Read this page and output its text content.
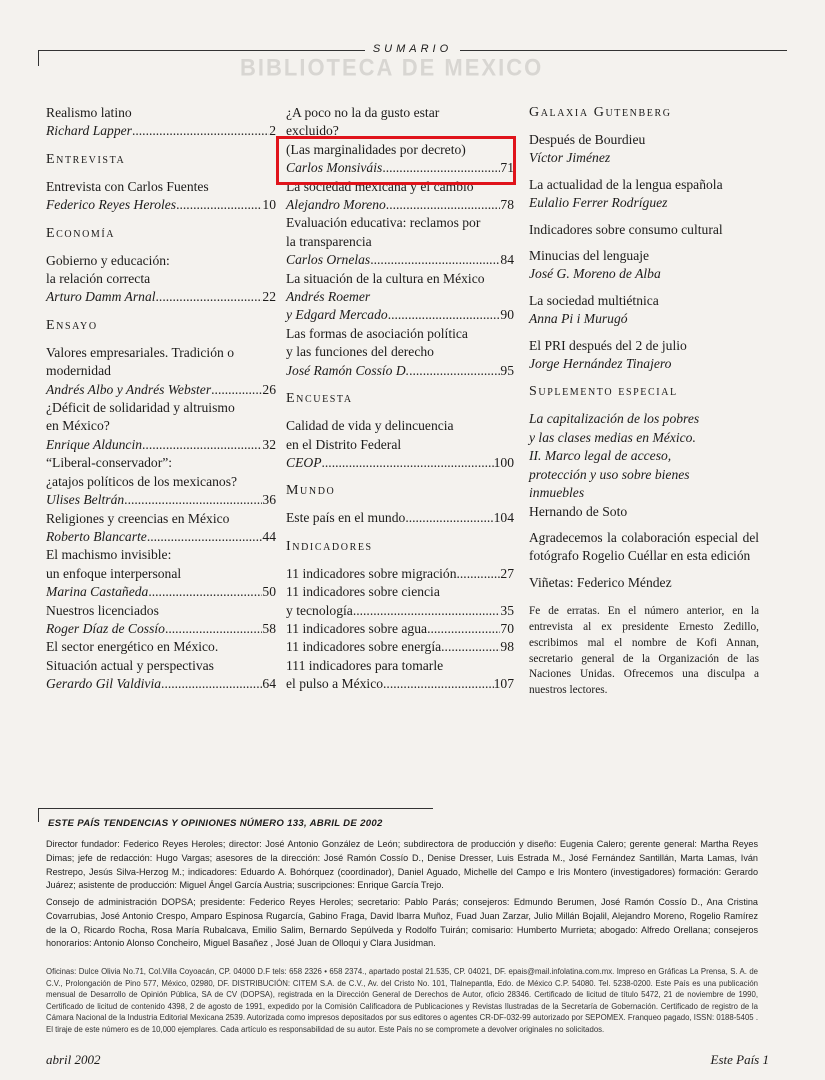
SUMARIO
BIBLIOTECA DE MEXICO
Realismo latino
Richard Lapper .....	2
Entrevista
Entrevista con Carlos Fuentes
Federico Reyes Heroles .....	10
Economía
Gobierno y educación:
la relación correcta
Arturo Damm Arnal .....	22
Ensayo
Valores empresariales. Tradición o
modernidad
Andrés Albo y Andrés Webster .....	26
¿Déficit de solidaridad y altruismo
en México?
Enrique Alduncin .....	32
“Liberal-conservador”:
¿atajos políticos de los mexicanos?
Ulises Beltrán .....	36
Religiones y creencias en México
Roberto Blancarte .....	44
El machismo invisible:
un enfoque interpersonal
Marina Castañeda .....	50
Nuestros licenciados
Roger Díaz de Cossío .....	58
El sector energético en México.
Situación actual y perspectivas
Gerardo Gil Valdivia .....	64
¿A poco no la da gusto estar
excluido?
(Las marginalidades por decreto)
Carlos Monsiváis .....	71
La sociedad mexicana y el cambio
Alejandro Moreno .....	78
Evaluación educativa: reclamos por
la transparencia
Carlos Ornelas .....	84
La situación de la cultura en México
Andrés Roemer
y Edgard Mercado .....	90
Las formas de asociación política
y las funciones del derecho
José Ramón Cossío D. .....	95
Encuesta
Calidad de vida y delincuencia
en el Distrito Federal
CEOP .....	100
Mundo
Este país en el mundo .....	104
Indicadores
11 indicadores sobre migración .....	27
11 indicadores sobre ciencia
y tecnología .....	35
11 indicadores sobre agua .....	70
11 indicadores sobre energía .....	98
111 indicadores para tomarle
el pulso a México .....	107
Galaxia Gutenberg
Después de Bourdieu
Víctor Jiménez
La actualidad de la lengua española
Eulalio Ferrer Rodríguez
Indicadores sobre consumo cultural
Minucias del lenguaje
José G. Moreno de Alba
La sociedad multiétnica
Anna Pi i Murugó
El PRI después del 2 de julio
Jorge Hernández Tinajero
Suplemento especial
La capitalización de los pobres
y las clases medias en México.
II. Marco legal de acceso,
protección y uso sobre bienes
inmuebles
Hernando de Soto
Agradecemos la colaboración especial del fotógrafo Rogelio Cuéllar en esta edición
Viñetas: Federico Méndez
Fe de erratas. En el número anterior, en la entrevista al ex presidente Ernesto Zedillo, escribimos mal el nombre de Kofi Annan, secretario general de la Organización de las Naciones Unidas. Ofrecemos una disculpa a nuestros lectores.
ESTE PAÍS TENDENCIAS Y OPINIONES NÚMERO 133, ABRIL DE 2002
Director fundador: Federico Reyes Heroles; director: José Antonio González de León; subdirectora de producción y diseño: Eugenia Calero; gerente general: Martha Reyes Dimas; jefe de redacción: Hugo Vargas; asesores de la dirección: José Ramón Cossío D., Denise Dresser, Luis Estrada M., José Fernández Santillán, Marta Lamas, Iván Restrepo, Jesús Silva-Herzog M.; indicadores: Eduardo A. Bohórquez (coordinador), Daniel Aguado, Michelle del Campo e Iris Montero (investigadores) formación: Gerardo Juárez; asistente de producción: Miguel Ángel García Austria; suscripciones: Enrique García Trejo.
Consejo de administración DOPSA; presidente: Federico Reyes Heroles; secretario: Pablo Parás; consejeros: Edmundo Berumen, José Ramón Cossío D., Ana Cristina Covarrubias, José Antonio Crespo, Amparo Espinosa Rugarcía, Gabino Fraga, David Ibarra Muñoz, Fuad Juan Zarzar, Julio Millán Bojalil, Alejandro Moreno, Rogelio Ramírez de la O, Ricardo Rocha, Rosa María Rubalcava, Emilio Salim, Bernardo Sepúlveda y Rodolfo Tuirán; comisario: Humberto Murrieta; abogado: Alfredo Orellana; consejeros honorarios: Antonio Alonso Concheiro, Miguel Basañez , José Juan de Olloqui y Clara Jusidman.
Oficinas: Dulce Olivia No.71, Col.Villa Coyoacán, CP. 04000 D.F tels: 658 2326 • 658 2374., apartado postal 21.535, CP. 04021, DF. epais@mail.infolatina.com.mx. Impreso en Gráficas La Prensa, S. A. de C.V., Prolongación de Pino 577, México, 02980, DF. DISTRIBUCIÓN: CITEM S.A. de C.V., Av. del Cristo No. 101, Tlalnepantla, Edo. de México C.P. 54080. Tel. 5238-0200. Este País es una publicación mensual de Desarrollo de Opinión Pública, SA de CV (DOPSA), registrada en la Dirección General de Derechos de Autor, oficio 28346. Certificado de licitud de título 5472, 21 de noviembre de 1990, Certificado de licitud de contenido 4398, 2 de agosto de 1991, expedido por la Comisión Calificadora de Publicaciones y Revistas Ilustradas de la Secretaría de Gobernación. Certificado de registro de la Cámara Nacional de la Industria Editorial Mexicana 2539. Autorizada como impresos depositados por sus editores o agentes CR-DF-032-99 autorizado por SEPOMEX. Franqueo pagado, ISSN: 0188-5405 . El tiraje de este número es de 10,000 ejemplares. Cada artículo es responsabilidad de su autor. Este País no se compromete a devolver originales no solicitados.
abril 2002	Este País 1
